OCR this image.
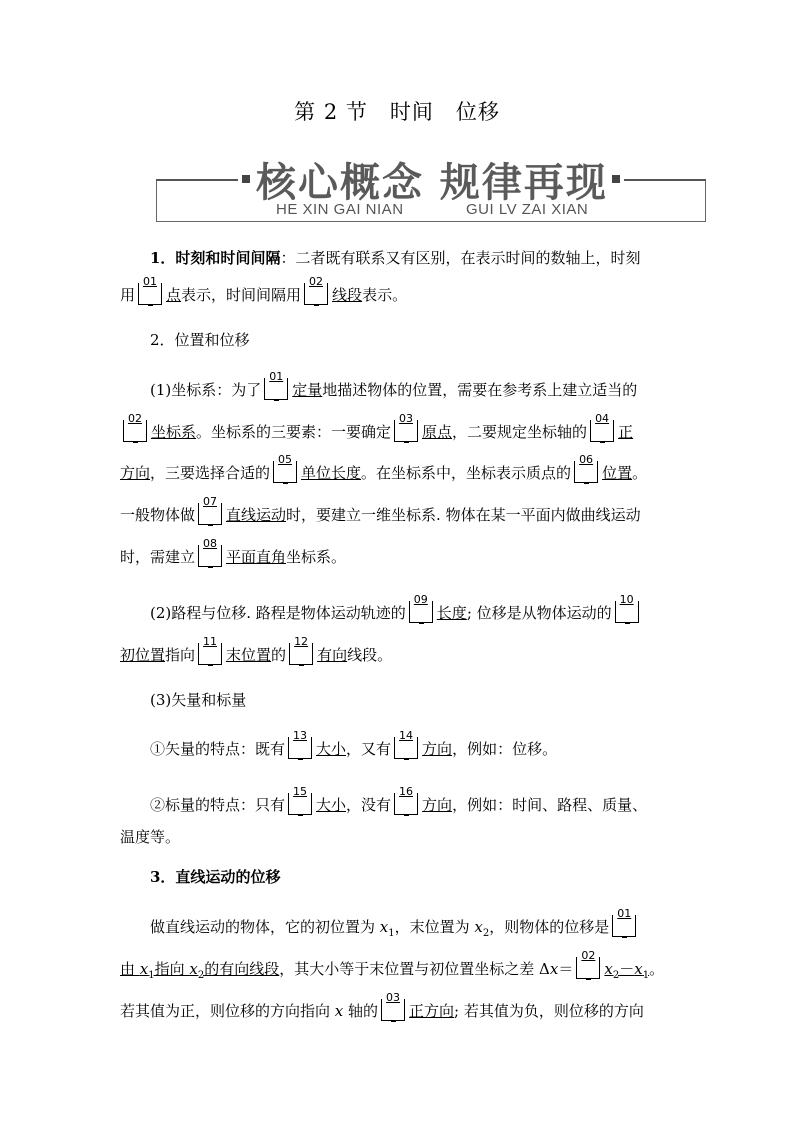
第 2 节　时间　位移
核心概念 规律再现
HE XIN GAI NIAN	GUI LV ZAI XIAN
1．时刻和时间间隔：二者既有联系又有区别，在表示时间的数轴上，时刻
用
01
点表示，时间间隔用
02
线段表示。
2．位置和位移
(1)坐标系：为了
01
定量地描述物体的位置，需要在参考系上建立适当的
02
坐标系。坐标系的三要素：一要确定
03
原点，二要规定坐标轴的
04
正
方向，三要选择合适的
05
单位长度。在坐标系中，坐标表示质点的
06
位置。
一般物体做
07
直线运动时，要建立一维坐标系. 物体在某一平面内做曲线运动
时，需建立
08
平面直角坐标系。
(2)路程与位移. 路程是物体运动轨迹的
09
长度; 位移是从物体运动的
10
初位置指向
11
末位置的
12
有向线段。
(3)矢量和标量
①矢量的特点：既有
13
大小，又有
14
方向，例如：位移。
②标量的特点：只有
15
大小，没有
16
方向，例如：时间、路程、质量、
温度等。
3．直线运动的位移
做直线运动的物体，它的初位置为 $x_1$，末位置为 $x_2$，则物体的位移是
01
由 $x_1$指向 $x_2$的有向线段，其大小等于末位置与初位置坐标之差 Δx＝
02
$x_2-x_1$。
若其值为正，则位移的方向指向 x 轴的
03
正方向; 若其值为负，则位移的方向
